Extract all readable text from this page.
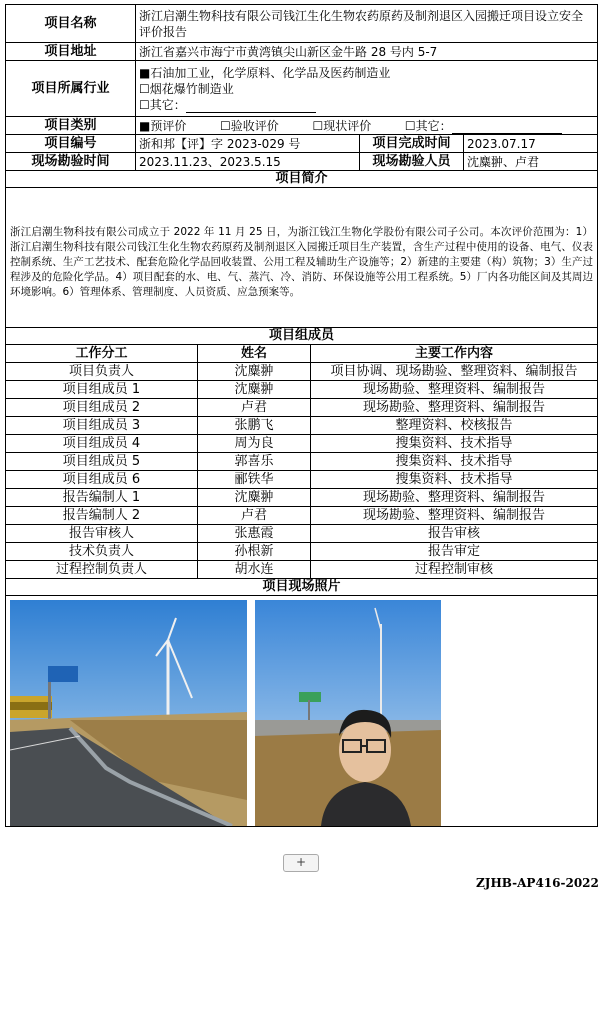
项目名称	浙江启潮生物科技有限公司钱江生化生物农药原药及制剂退区入园搬迁项目设立安全评价报告		
项目地址	浙江省嘉兴市海宁市黄湾镇尖山新区金牛路 28 号内 5-7		
项目所属行业	■石油加工业，化学原料、化学品及医药制造业
☐烟花爆竹制造业
☐其它：		

项目类别	■预评价 ☐验收评价 ☐现状评价 ☐其它：		
项目编号	浙和邦【评】字 2023-029 号	项目完成时间	2023.07.17
现场勘验时间	2023.11.23、2023.5.15	现场勘验人员	沈麋翀、卢君
项目简介			
浙江启潮生物科技有限公司成立于 2022 年 11 月 25 日，为浙江钱江生物化学股份有限公司子公司。本次评价范围为：1）浙江启潮生物科技有限公司钱江生化生物农药原药及制剂退区入园搬迁项目生产装置，含生产过程中使用的设备、电气、仪表控制系统、生产工艺技术、配套危险化学品回收装置、公用工程及辅助生产设施等；2）新建的主要建（构）筑物；3）生产过程涉及的危险化学品。4）项目配套的水、电、气、蒸汽、冷、消防、环保设施等公用工程系统。5）厂内各功能区间及其周边环境影响。6）管理体系、管理制度、人员资质、应急预案等。			
项目组成员		
工作分工	姓名	主要工作内容
项目负责人	沈麋翀	项目协调、现场勘验、整理资料、编制报告
项目组成员 1	沈麋翀	现场勘验、整理资料、编制报告
项目组成员 2	卢君	现场勘验、整理资料、编制报告
项目组成员 3	张鹏飞	整理资料、校核报告
项目组成员 4	周为良	搜集资料、技术指导
项目组成员 5	郭喜乐	搜集资料、技术指导
项目组成员 6	郦铁华	搜集资料、技术指导
报告编制人 1	沈麋翀	现场勘验、整理资料、编制报告
报告编制人 2	卢君	现场勘验、整理资料、编制报告
报告审核人	张惠霞	报告审核
技术负责人	孙根新	报告审定
过程控制负责人	胡水连	过程控制审核
项目现场照片		

+
ZJHB-AP416-2022
